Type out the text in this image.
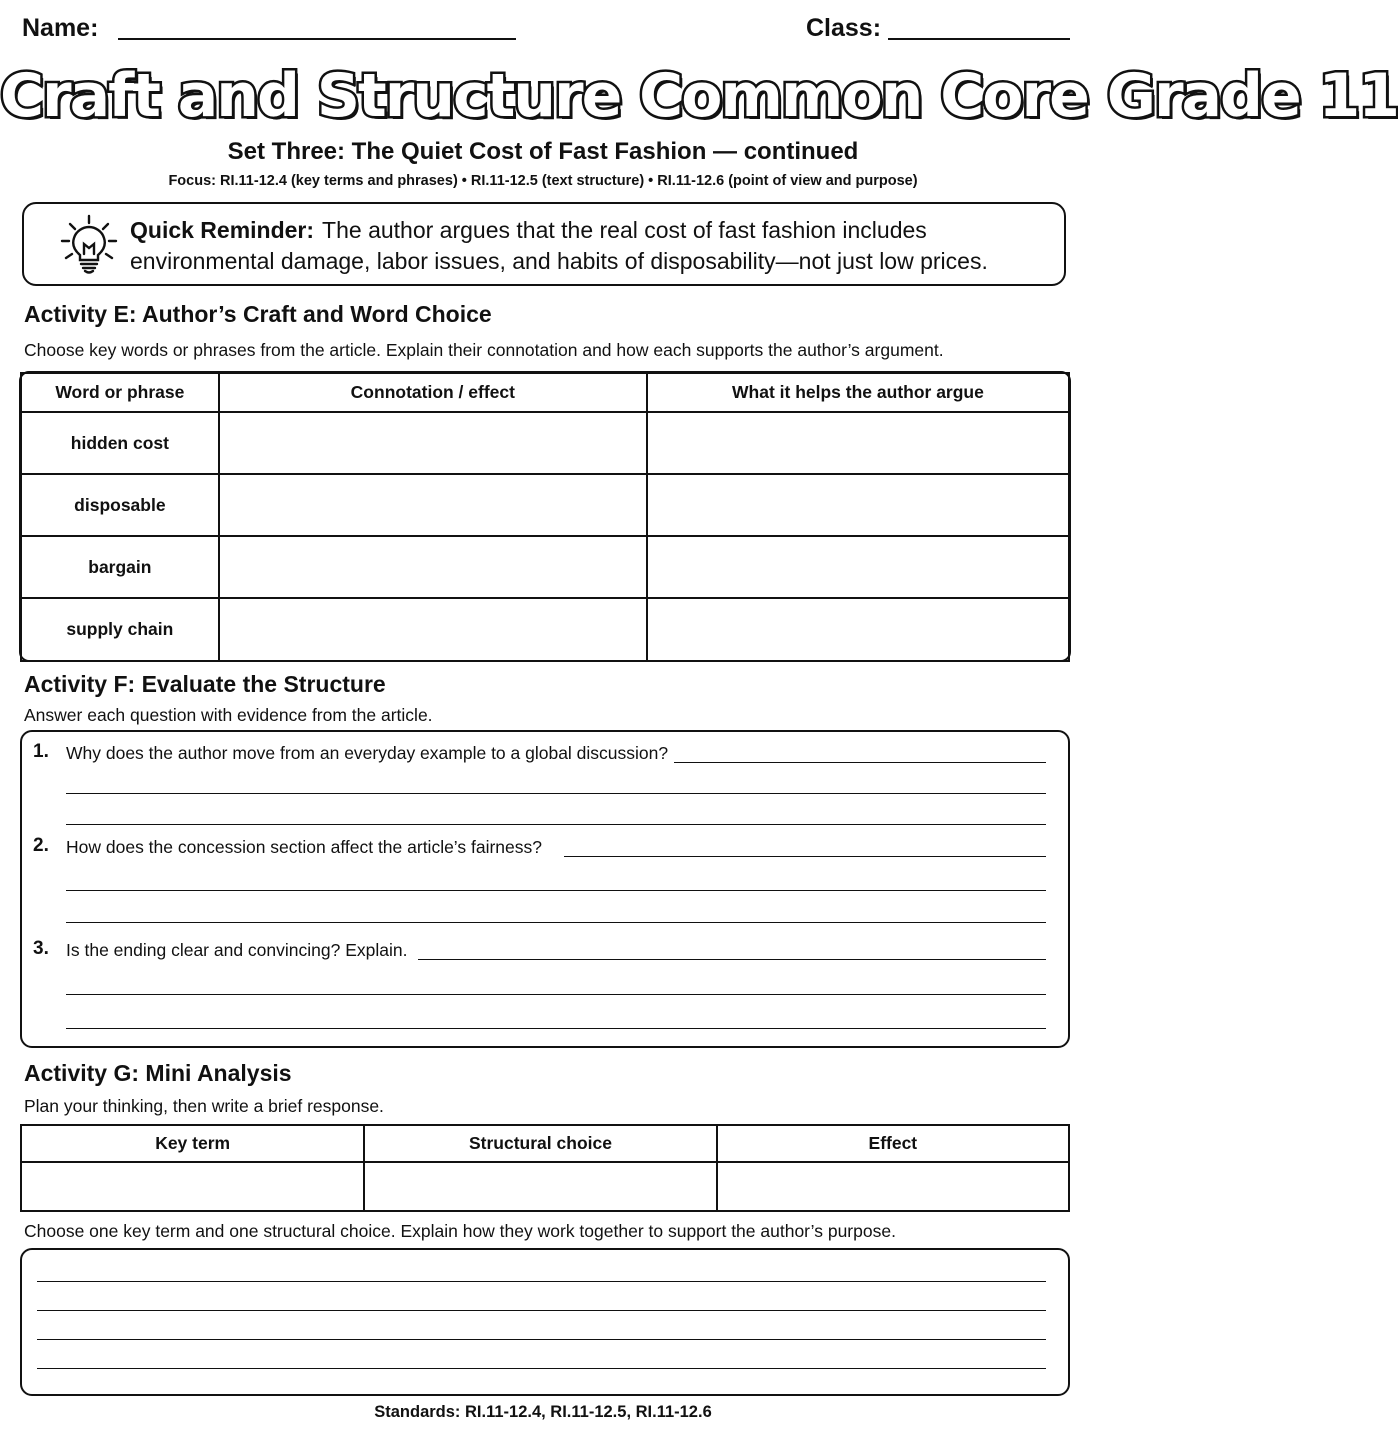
Name:	Class:
Craft and Structure Common Core Grade 11
Set Three: The Quiet Cost of Fast Fashion — continued
Focus: RI.11-12.4 (key terms and phrases) • RI.11-12.5 (text structure) • RI.11-12.6 (point of view and purpose)
Quick Reminder: The author argues that the real cost of fast fashion includes environmental damage, labor issues, and habits of disposability—not just low prices.
Activity E: Author’s Craft and Word Choice
Choose key words or phrases from the article. Explain their connotation and how each supports the author’s argument.
Word or phrase	Connotation / effect	What it helps the author argue
hidden cost		
disposable		
bargain		
supply chain		
Activity F: Evaluate the Structure
Answer each question with evidence from the article.
1. Why does the author move from an everyday example to a global discussion?
2. How does the concession section affect the article’s fairness?
3. Is the ending clear and convincing? Explain.
Activity G: Mini Analysis
Plan your thinking, then write a brief response.
Key term	Structural choice	Effect

Choose one key term and one structural choice. Explain how they work together to support the author’s purpose.
Standards: RI.11-12.4, RI.11-12.5, RI.11-12.6
